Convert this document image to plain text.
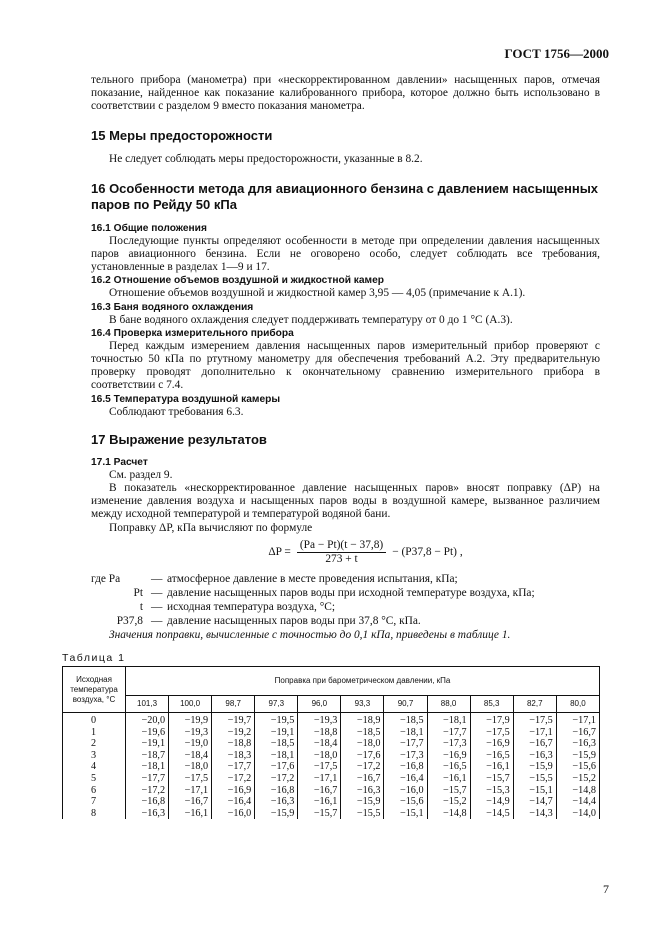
ГОСТ 1756—2000

тельного прибора (манометра) при «нескорректированном давлении» насыщенных паров, отмечая показание, найденное как показание калиброванного прибора, которое должно быть использовано в соответствии с разделом 9 вместо показания манометра.

15 Меры предосторожности

Не следует соблюдать меры предосторожности, указанные в 8.2.

16 Особенности метода для авиационного бензина с давлением насыщенных паров по Рейду 50 кПа
16.1 Общие положения

Последующие пункты определяют особенности в методе при определении давления насыщенных паров авиационного бензина. Если не оговорено особо, следует соблюдать все требования, установленные в разделах 1—9 и 17.

16.2 Отношение объемов воздушной и жидкостной камер

Отношение объемов воздушной и жидкостной камер 3,95 — 4,05 (примечание к А.1).

16.3 Баня водяного охлаждения

В бане водяного охлаждения следует поддерживать температуру от 0 до 1 °С (А.3).

16.4 Проверка измерительного прибора

Перед каждым измерением давления насыщенных паров измерительный прибор проверяют с точностью 50 кПа по ртутному манометру для обеспечения требований А.2. Эту предварительную проверку проводят дополнительно к окончательному сравнению измерительного прибора в соответствии с 7.4.

16.5 Температура воздушной камеры

Соблюдают требования 6.3.

17 Выражение результатов
17.1 Расчет

См. раздел 9.

В показатель «нескорректированное давление насыщенных паров» вносят поправку (ΔP) на изменение давления воздуха и насыщенных паров воды в воздушной камере, вызванное различием между исходной температурой и температурой водяной бани.

Поправку ΔP, кПа вычисляют по формуле

$\Delta P = \frac{(Pa - Pt)(t - 37,8)}{273 + t} - (P37,8 - Pt)$ ,
где Pa	— атмосферное давление в месте проведения испытания, кПа;
Pt — давление насыщенных паров воды при исходной температуре воздуха, кПа;
t — исходная температура воздуха, °С;
P37,8 — давление насыщенных паров воды при 37,8 °С, кПа.

Значения поправки, вычисленные с точностью до 0,1 кПа, приведены в таблице 1.

Таблица 1
Исходная температура воздуха, °С	Поправка при барометрическом давлении, кПа										
	101,3	100,0	98,7	97,3	96,0	93,3	90,7	88,0	85,3	82,7	80,0
0	−20,0	−19,9	−19,7	−19,5	−19,3	−18,9	−18,5	−18,1	−17,9	−17,5	−17,1
1	−19,6	−19,3	−19,2	−19,1	−18,8	−18,5	−18,1	−17,7	−17,5	−17,1	−16,7
2	−19,1	−19,0	−18,8	−18,5	−18,4	−18,0	−17,7	−17,3	−16,9	−16,7	−16,3
3	−18,7	−18,4	−18,3	−18,1	−18,0	−17,6	−17,3	−16,9	−16,5	−16,3	−15,9
4	−18,1	−18,0	−17,7	−17,6	−17,5	−17,2	−16,8	−16,5	−16,1	−15,9	−15,6
5	−17,7	−17,5	−17,2	−17,2	−17,1	−16,7	−16,4	−16,1	−15,7	−15,5	−15,2
6	−17,2	−17,1	−16,9	−16,8	−16,7	−16,3	−16,0	−15,7	−15,3	−15,1	−14,8
7	−16,8	−16,7	−16,4	−16,3	−16,1	−15,9	−15,6	−15,2	−14,9	−14,7	−14,4
8	−16,3	−16,1	−16,0	−15,9	−15,7	−15,5	−15,1	−14,8	−14,5	−14,3	−14,0
7
